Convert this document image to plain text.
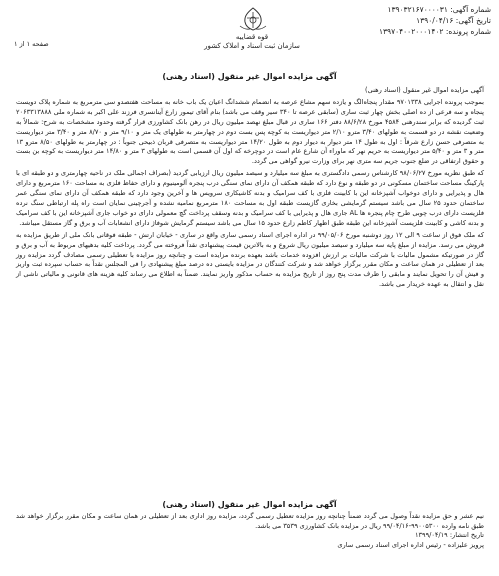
شماره آگهی: ۱۳۹۰۳۲۱۶۷۰۰۰۰۳۱
تاریخ آگهی: ۱۳۹۰/۰۴/۱۶
شماره پرونده: ۱۳۹۷۰۴۰۰۲۰۰۰۱۴۰۲
قوه قضاییه
سازمان ثبت اسناد و املاک کشور
صفحه ۱ از ۱
آگهی مزایده اموال غیر منقول (اسناد رهنی)

آگهی مزایده اموال غیر منقول (اسناد رهنی)

بموجب پرونده اجرایی ۹۷۰۱۳۳۸ مقدار پنجاه‌الگ و یازده سهم مشاع عرصه به انضمام ششدانگ اعیان یک باب خانه به مساحت هفتصدو سی مترمربع به شماره پلاک دویست پنجاه و سه فرعی از ده اصلی بخش چهار ثبت ساری (سابقی عرصه تا ۳۴۰ سیر وقف می باشد) بنام آقای تیمور زارع آینانسری فرزند علی اکبر به شماره ملی ۲۰۶۳۳۱۳۸۸۸ ثبت گردیده که برابر سندرهنی ۴۵۸۴ مورخ ۸۸/۶/۲۸ دفتر ۱۶۶ ساری در قبال مبلغ نهصد میلیون ریال در رهن بانک کشاورزی قرار گرفته وحدود مشخصات به شرح: شمالاً به وضعیت نقشه در دو قسمت به طولهای ۳/۴۰ مترو ۲/۱۰ متر دیواریست به کوچه پس بست دوم در چهارمتر به طولهای یک متر و ۹/۱۰ متر و ۸/۷۰ متر و ۳/۴۰ متر دیواریست به متصرفی حسن زارع شرقاً : اول به طول ۱۴ متر دیوار به دیوار دوم به طول ۱۴/۲۰ متر دیواریست به متصرفی قربان ذبیحی جنوباً : در چهارمتر به طولهای ۸/۵۰ مترو ۱۳ متر و ۳ متر و ۵/۴۰ متر دیواریست به حریم نهر که ماوراء آن شارع عام است در دوچرخه که اول آن قسمی است به طولهای ۳ متر و ۱۴/۸۰ متر دیواریست به کوچه بن بست و حقوق ارتفاقی در ضلع جنوب جریم سه متری نهر برای وزارت نیرو گواهی می گردد.

که طبق نظریه مورخ ۹۸/۰۶/۲۷ کارشناس رسمی دادگستری به مبلغ سه میلیارد و سیصد میلیون ریال ارزیابی گردید (بصراف اجمالی ملک در ناحیه چهارمتری و دو طبقه ای با پارکینگ مساحت ساختمان مسکونی در دو طبقه و نوع دارد که طبقه همکف آن دارای نمای سنگی درب پنجره آلومینیوم و دارای حفاظ فلزی به مساحت ۱۶۰ مترمربع و دارای هال و پذیرایی و دارای دوخواب آشپزخانه این با کابینت فلزی با کف سرامیک و بدنه کاشیکاری سرویس ها و آخرین وجود دارد که طبقه همکف آن دارای نمای سنگی عمر ساختمان حدود ۲۵ سال می باشد سیستم گرمایشی بخاری گازیست طبقه اول به مساحت ۱۸۰ مترمربع نمامیه نشده و آجرچینی نمایان است راه پله ارتباطی سنگ نرده فلزیست دارای درب چوبی طرح چام پنجره ها AL جاری هال و پذیرایی با کف سرامیک و بدنه وسقف پرداخت گچ معمولی دارای دو خواب جاری آشپزخانه این با کف سرامیک و بدنه کاشی و کابینت فلزیست آشپزخانه این طبقه طبق اظهار کاظم زارع حدود ۱۵ سال می باشد سیستم گرمایش شوفاژ دارای انشعابات آب و برق و گاز مستقل میباشد.

که ملک فوق از ساعت ۹ الی ۱۲ روز دوشنبه مورخ ۹۹/۰۵/۰۶ در اداره اجرای اسناد رسمی ساری واقع در ساری - خیابان ارتش - طبقه فوقانی بانک ملی از طریق مزایده به فروش می رسد. مزایده از مبلغ پایه سه میلیارد و سیصد میلیون ریال شروع و به بالاترین قیمت پیشنهادی نقداً فروخته می گردد. پرداخت کلیه بدهیهای مربوط به آب و برق و گاز در صورتیکه مشمول مالیات با شرکت مالیات بر ارزش افزوده خدمات باشد بعهده برنده مزایده است و چنانچه روز مزایده با تعطیلی رسمی مصادف گردد مزایده روز بعد از تعطیلی در همان ساعت و مکان مقرر برگزار خواهد شد و شرکت کنندگان در مزایده بایستی ده درصد مبلغ پیشنهادی را فی المجلس نقداً به حساب سپرده ثبت واریز و فیش آن را تحویل نمایند و مابقی را ظرف مدت پنج روز از تاریخ مزایده به حساب مذکور واریز نمایند. ضمناً به اطلاع می رساند کلیه هزینه های قانونی و مالیاتی ناشی از نقل و انتقال به عهده خریدار می باشد.

آگهی مزایده اموال غیر منقول (اسناد رهنی)

نیم عشر و حق مزایده نقداً وصول می گردد ضمناً چنانچه روز مزایده تعطیل رسمی گردد، مزایده روز اداری بعد از تعطیلی در همان ساعت و مکان مقرر برگزار خواهد شد طبق نامه وارده ۹۹۰۰۵۳۰۰-۹۹/۰۴/۱۶ ریال در مزایده بانک کشاورزی ۳۵۳۹ می باشد.

تاریخ انتشار: ۱۳۹۹/۰۴/۱۹

پرویز علیزاده - رئیس اداره اجرای اسناد رسمی ساری
